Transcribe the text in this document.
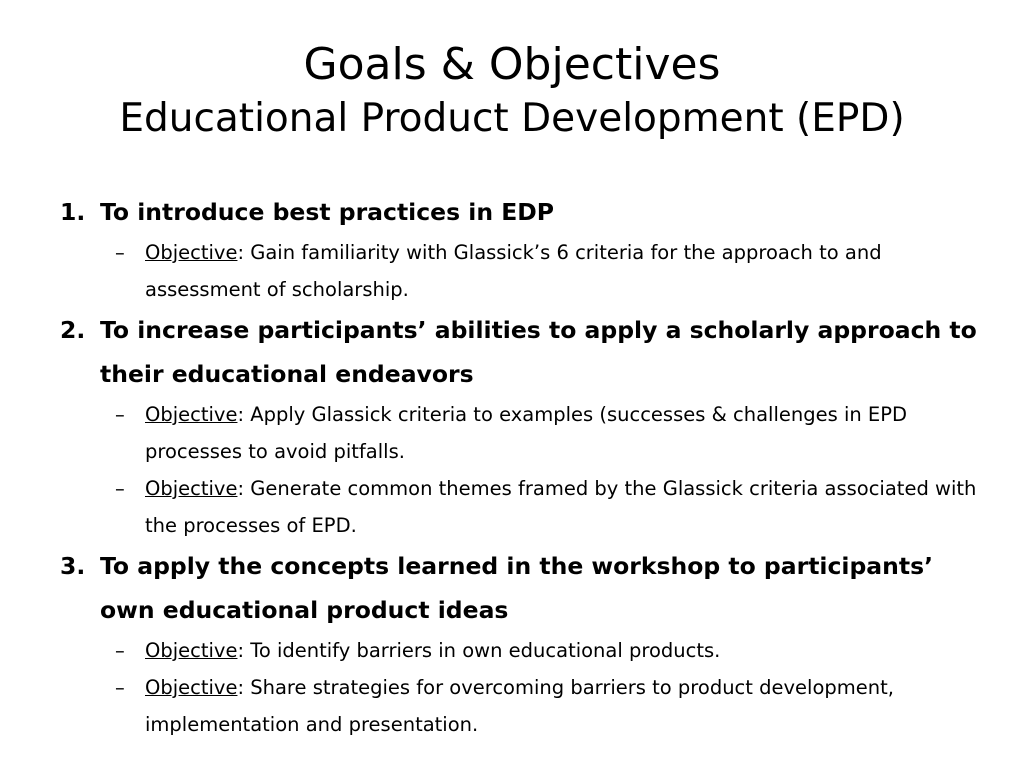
Goals & Objectives
Educational Product Development (EPD)
1. To introduce best practices in EDP
– Objective: Gain familiarity with Glassick’s 6 criteria for the approach to and assessment of scholarship.
2. To increase participants’ abilities to apply a scholarly approach to their educational endeavors
– Objective: Apply Glassick criteria to examples (successes & challenges in EPD processes to avoid pitfalls.
– Objective: Generate common themes framed by the Glassick criteria associated with the processes of EPD.
3. To apply the concepts learned in the workshop to participants’ own educational product ideas
– Objective: To identify barriers in own educational products.
– Objective: Share strategies for overcoming barriers to product development, implementation and presentation.
